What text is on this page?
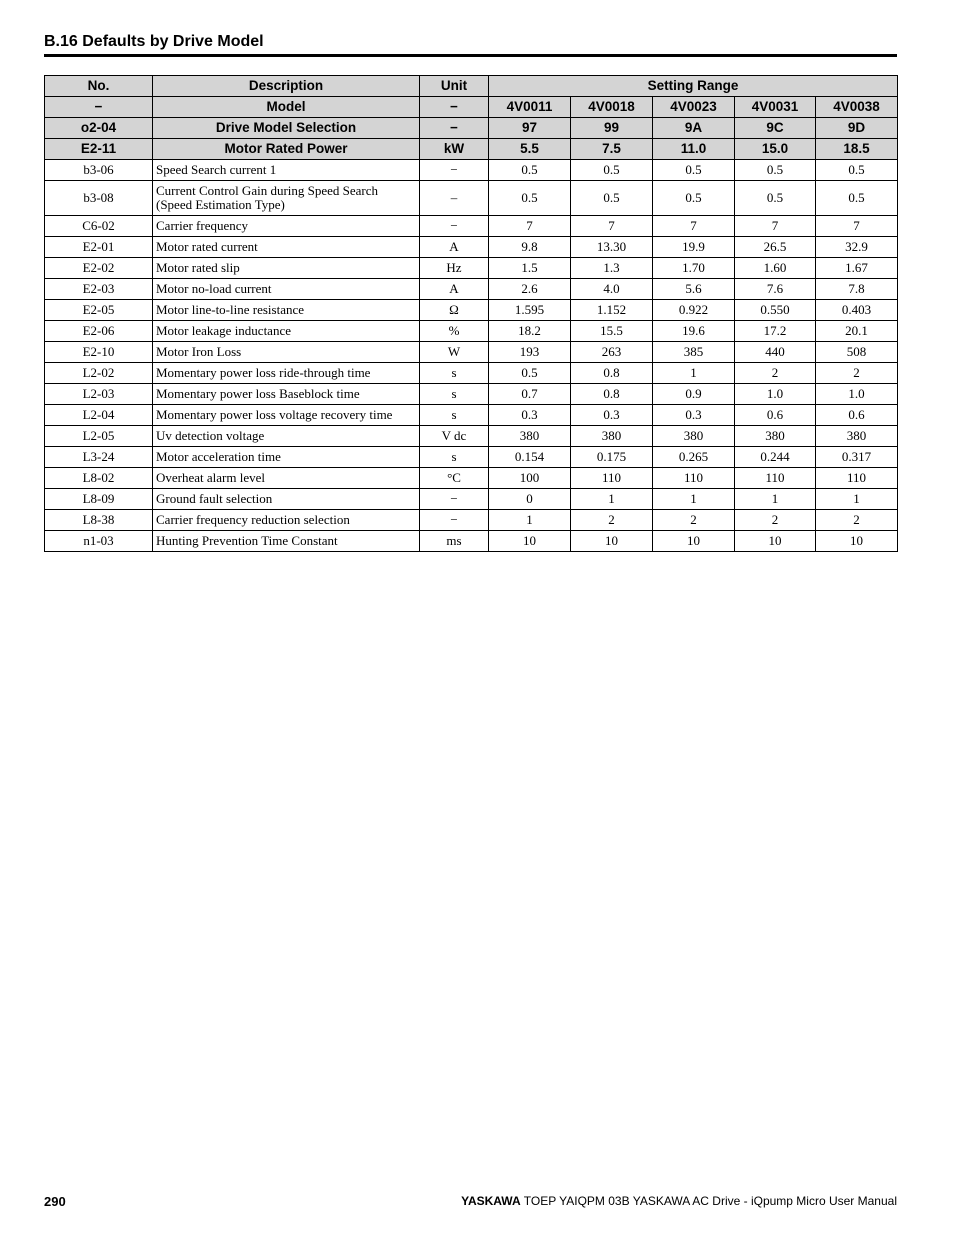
B.16 Defaults by Drive Model
No.	Description	Unit	Setting Range				
−	Model	−	4V0011	4V0018	4V0023	4V0031	4V0038
o2-04	Drive Model Selection	−	97	99	9A	9C	9D
E2-11	Motor Rated Power	kW	5.5	7.5	11.0	15.0	18.5
b3-06	Speed Search current 1	−	0.5	0.5	0.5	0.5	0.5
b3-08	Current Control Gain during Speed Search (Speed Estimation Type)	–	0.5	0.5	0.5	0.5	0.5
C6-02	Carrier frequency	−	7	7	7	7	7
E2-01	Motor rated current	A	9.8	13.30	19.9	26.5	32.9
E2-02	Motor rated slip	Hz	1.5	1.3	1.70	1.60	1.67
E2-03	Motor no-load current	A	2.6	4.0	5.6	7.6	7.8
E2-05	Motor line-to-line resistance	Ω	1.595	1.152	0.922	0.550	0.403
E2-06	Motor leakage inductance	%	18.2	15.5	19.6	17.2	20.1
E2-10	Motor Iron Loss	W	193	263	385	440	508
L2-02	Momentary power loss ride-through time	s	0.5	0.8	1	2	2
L2-03	Momentary power loss Baseblock time	s	0.7	0.8	0.9	1.0	1.0
L2-04	Momentary power loss voltage recovery time	s	0.3	0.3	0.3	0.6	0.6
L2-05	Uv detection voltage	V dc	380	380	380	380	380
L3-24	Motor acceleration time	s	0.154	0.175	0.265	0.244	0.317
L8-02	Overheat alarm level	°C	100	110	110	110	110
L8-09	Ground fault selection	−	0	1	1	1	1
L8-38	Carrier frequency reduction selection	−	1	2	2	2	2
n1-03	Hunting Prevention Time Constant	ms	10	10	10	10	10
290	YASKAWA TOEP YAIQPM 03B YASKAWA AC Drive - iQpump Micro User Manual
